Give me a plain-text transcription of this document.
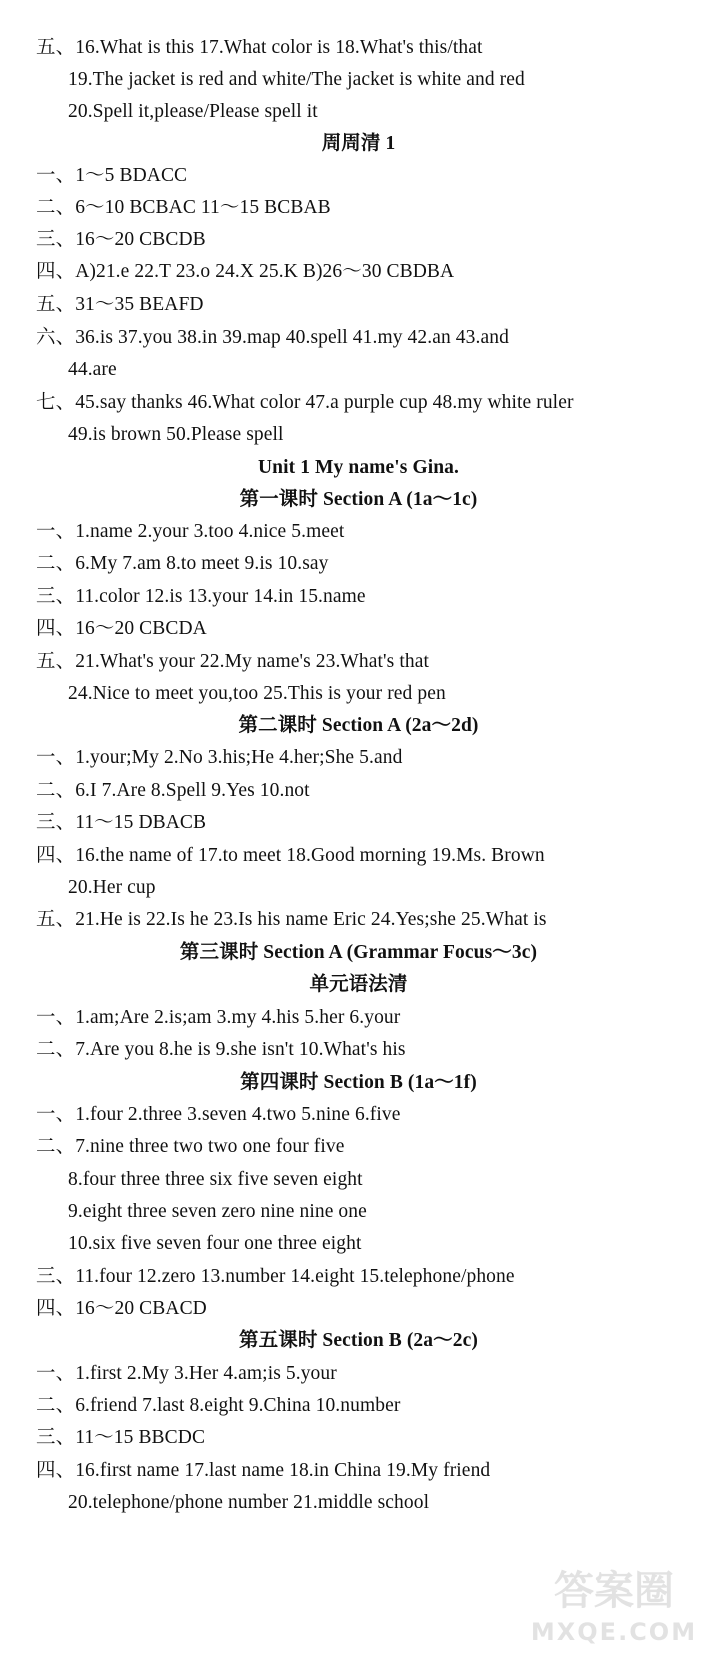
五、16.What is this 17.What color is 18.What's this/that
19.The jacket is red and white/The jacket is white and red
20.Spell it,please/Please spell it
周周清 1
一、1～5 BDACC
二、6～10 BCBAC 11～15 BCBAB
三、16～20 CBCDB
四、A)21.e 22.T 23.o 24.X 25.K B)26～30 CBDBA
五、31～35 BEAFD
六、36.is 37.you 38.in 39.map 40.spell 41.my 42.an 43.and
44.are
七、45.say thanks 46.What color 47.a purple cup 48.my white ruler
49.is brown 50.Please spell
Unit 1 My name's Gina.
第一课时 Section A (1a～1c)
一、1.name 2.your 3.too 4.nice 5.meet
二、6.My 7.am 8.to meet 9.is 10.say
三、11.color 12.is 13.your 14.in 15.name
四、16～20 CBCDA
五、21.What's your 22.My name's 23.What's that
24.Nice to meet you,too 25.This is your red pen
第二课时 Section A (2a～2d)
一、1.your;My 2.No 3.his;He 4.her;She 5.and
二、6.I 7.Are 8.Spell 9.Yes 10.not
三、11～15 DBACB
四、16.the name of 17.to meet 18.Good morning 19.Ms. Brown
20.Her cup
五、21.He is 22.Is he 23.Is his name Eric 24.Yes;she 25.What is
第三课时 Section A (Grammar Focus～3c)
单元语法清
一、1.am;Are 2.is;am 3.my 4.his 5.her 6.your
二、7.Are you 8.he is 9.she isn't 10.What's his
第四课时 Section B (1a～1f)
一、1.four 2.three 3.seven 4.two 5.nine 6.five
二、7.nine three two two one four five
8.four three three six five seven eight
9.eight three seven zero nine nine one
10.six five seven four one three eight
三、11.four 12.zero 13.number 14.eight 15.telephone/phone
四、16～20 CBACD
第五课时 Section B (2a～2c)
一、1.first 2.My 3.Her 4.am;is 5.your
二、6.friend 7.last 8.eight 9.China 10.number
三、11～15 BBCDC
四、16.first name 17.last name 18.in China 19.My friend
20.telephone/phone number 21.middle school
答案圈
MXQE.COM
